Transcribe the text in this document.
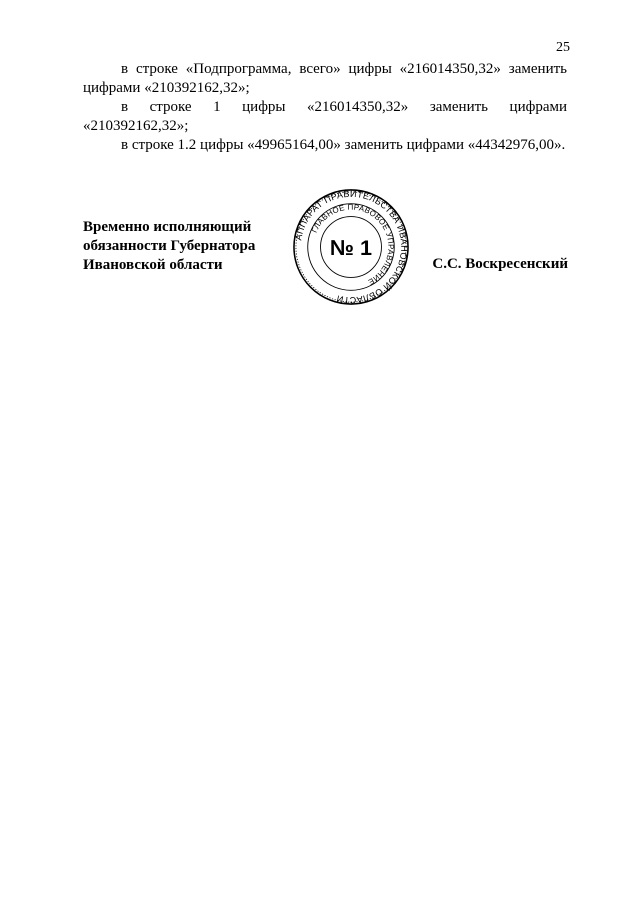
25

в строке «Подпрограмма, всего» цифры «216014350,32» заменить цифрами «210392162,32»;

в строке 1 цифры «216014350,32» заменить цифрами «210392162,32»;

в строке 1.2 цифры «49965164,00» заменить цифрами «44342976,00».

Временно исполняющий
обязанности Губернатора
Ивановской области
АППАРАТ ПРАВИТЕЛЬСТВА ИВАНОВСКОЙ ОБЛАСТИ
ГЛАВНОЕ ПРАВОВОЕ УПРАВЛЕНИЕ
№ 1
С.С. Воскресенский
